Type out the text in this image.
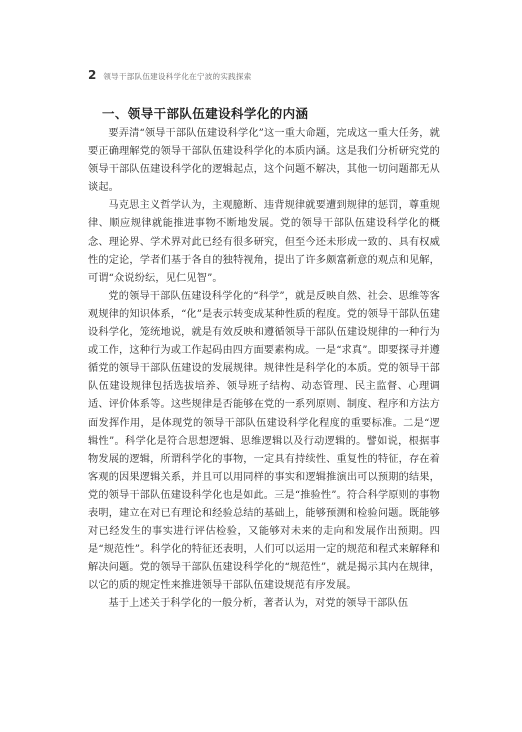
2 领导干部队伍建设科学化在宁波的实践探索
一、领导干部队伍建设科学化的内涵

要弄清“领导干部队伍建设科学化”这一重大命题，完成这一重大任务，就要正确理解党的领导干部队伍建设科学化的本质内涵。这是我们分析研究党的领导干部队伍建设科学化的逻辑起点，这个问题不解决，其他一切问题都无从谈起。

马克思主义哲学认为，主观臆断、违背规律就要遭到规律的惩罚，尊重规律、顺应规律就能推进事物不断地发展。党的领导干部队伍建设科学化的概念、理论界、学术界对此已经有很多研究，但至今还未形成一致的、具有权威性的定论，学者们基于各自的独特视角，提出了许多颇富新意的观点和见解，可谓“众说纷纭，见仁见智”。

党的领导干部队伍建设科学化的“科学”，就是反映自然、社会、思维等客观规律的知识体系，“化”是表示转变成某种性质的程度。党的领导干部队伍建设科学化，笼统地说，就是有效反映和遵循领导干部队伍建设规律的一种行为或工作，这种行为或工作起码由四方面要素构成。一是“求真”。即要探寻并遵循党的领导干部队伍建设的发展规律。规律性是科学化的本质。党的领导干部队伍建设规律包括选拔培养、领导班子结构、动态管理、民主监督、心理调适、评价体系等。这些规律是否能够在党的一系列原则、制度、程序和方法方面发挥作用，是体现党的领导干部队伍建设科学化程度的重要标准。二是“逻辑性”。科学化是符合思想逻辑、思维逻辑以及行动逻辑的。譬如说，根据事物发展的逻辑，所谓科学化的事物，一定具有持续性、重复性的特征，存在着客观的因果逻辑关系，并且可以用同样的事实和逻辑推演出可以预期的结果，党的领导干部队伍建设科学化也是如此。三是“推验性”。符合科学原则的事物表明，建立在对已有理论和经验总结的基础上，能够预测和检验问题。既能够对已经发生的事实进行评估检验，又能够对未来的走向和发展作出预期。四是“规范性”。科学化的特征还表明，人们可以运用一定的规范和程式来解释和解决问题。党的领导干部队伍建设科学化的“规范性”，就是揭示其内在规律，以它的质的规定性来推进领导干部队伍建设规范有序发展。

基于上述关于科学化的一般分析，著者认为，对党的领导干部队伍
